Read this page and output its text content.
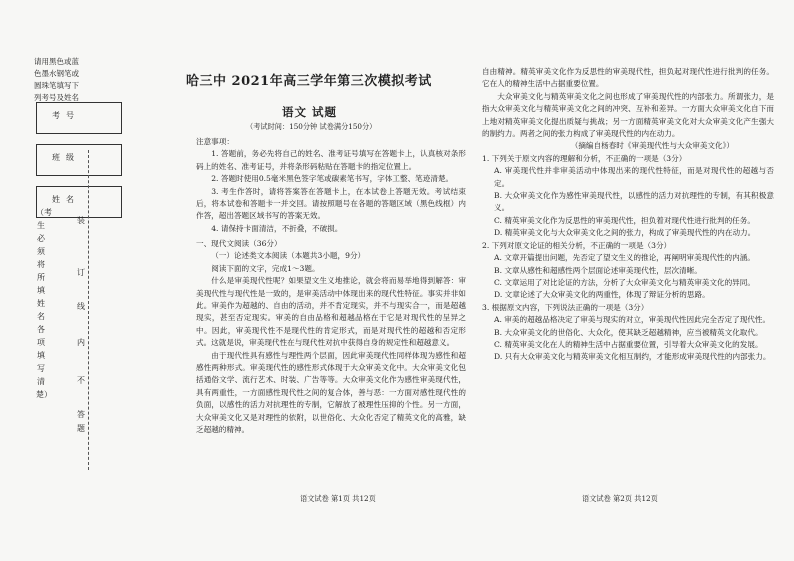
请用黑色或蓝色墨水钢笔或圆珠笔填写下列考号及姓名
考号
班级
姓名
（考生必须将所填姓名各项填写清楚）
装
订
线
内
不
答题
哈三中 2021年高三学年第三次模拟考试
语文 试题
（考试时间：150分钟 试卷满分150分）

注意事项：

1. 答题前，务必先将自己的姓名、准考证号填写在答题卡上，认真核对条形码上的姓名、准考证号，并将条形码粘贴在答题卡的指定位置上。

2. 答题时使用0.5毫米黑色签字笔或碳素笔书写，字体工整、笔迹清楚。

3. 考生作答时，请将答案答在答题卡上，在本试卷上答题无效。考试结束后，将本试卷和答题卡一并交回。请按照题号在各题的答题区域（黑色线框）内作答，超出答题区域书写的答案无效。

4. 请保持卡面清洁，不折叠，不破损。

一、现代文阅读（36分）

（一）论述类文本阅读（本题共3小题，9分）

阅读下面的文字，完成1～3题。

什么是审美现代性呢？如果望文生义地推论，就会将而易举地得到解答：审美现代性与现代性是一致的，是审美活动中体现出来的现代性特征。事实并非如此。审美作为超越的、自由的活动，并不肯定现实，并不与现实合一，而是超越现实，甚至否定现实。审美的自由品格和超越品格在于它是对现代性的呈异之中。因此，审美现代性不是现代性的肯定形式，而是对现代性的超越和否定形式。这就是说，审美现代性在与现代性对抗中获得自身的规定性和超越意义。

由于现代性具有感性与理性两个层面，因此审美现代性同样体现为感性和超感性两种形式。审美现代性的感性形式体现于大众审美文化中。大众审美文化包括通俗文学、流行艺术、时装、广告等等。大众审美文化作为感性审美现代性，具有两重性，一方面感性现代性之间的复合体，善与恶：一方面对感性现代性的负面，以感性的活力对抗理性的专制，它解放了被理性压抑的个性。另一方面，大众审美文化又是对理性的依附，以世俗化、大众化否定了精英文化的高雅，缺乏超越的精神。

语文试卷 第1页 共12页

自由精神。精英审美文化作为反思性的审美现代性，担负起对现代性进行批判的任务。它在人的精神生活中占据重要位置。

大众审美文化与精英审美文化之间也形成了审美现代性的内部张力。所谓张力，是指大众审美文化与精英审美文化之间的冲突、互补和差异。一方面大众审美文化自下而上地对精英审美文化提出质疑与挑战；另一方面精英审美文化对大众审美文化产生强大的制约力。两者之间的张力构成了审美现代性的内在动力。

（摘编自杨春时《审美现代性与大众审美文化》）

1. 下列关于原文内容的理解和分析，不正确的一项是（3分）

A. 审美现代性并非审美活动中体现出来的现代性特征，而是对现代性的超越与否定。

B. 大众审美文化作为感性审美现代性，以感性的活力对抗理性的专制，有其积极意义。

C. 精英审美文化作为反思性的审美现代性，担负着对现代性进行批判的任务。

D. 精英审美文化与大众审美文化之间的张力，构成了审美现代性的内在动力。

2. 下列对原文论证的相关分析，不正确的一项是（3分）

A. 文章开篇提出问题，先否定了望文生义的推论，再阐明审美现代性的内涵。

B. 文章从感性和超感性两个层面论述审美现代性，层次清晰。

C. 文章运用了对比论证的方法，分析了大众审美文化与精英审美文化的异同。

D. 文章论述了大众审美文化的两重性，体现了辩证分析的思路。

3. 根据原文内容，下列说法正确的一项是（3分）

A. 审美的超越品格决定了审美与现实的对立，审美现代性因此完全否定了现代性。

B. 大众审美文化的世俗化、大众化，使其缺乏超越精神，应当被精英文化取代。

C. 精英审美文化在人的精神生活中占据重要位置，引导着大众审美文化的发展。

D. 只有大众审美文化与精英审美文化相互制约，才能形成审美现代性的内部张力。

语文试卷 第2页 共12页
